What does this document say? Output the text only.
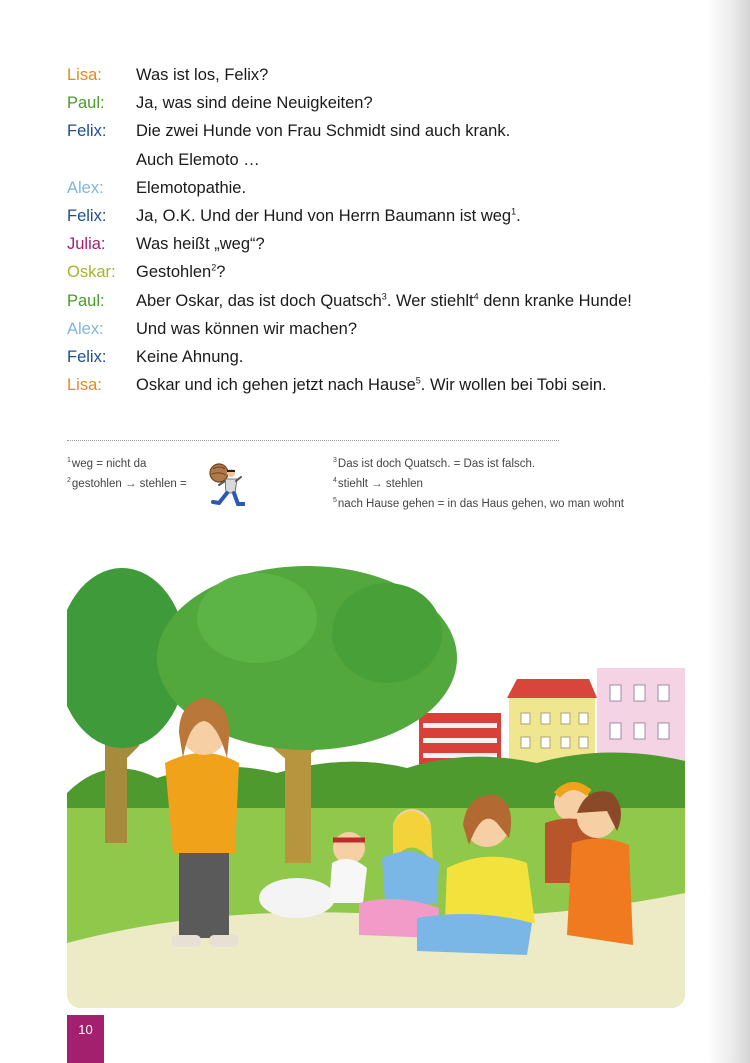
Lisa: Was ist los, Felix?
Paul: Ja, was sind deine Neuigkeiten?
Felix: Die zwei Hunde von Frau Schmidt sind auch krank.
Auch Elemoto …
Alex: Elemotopathie.
Felix: Ja, O.K. Und der Hund von Herrn Baumann ist weg$^1$.
Julia: Was heißt „weg“?
Oskar: Gestohlen$^2$?
Paul: Aber Oskar, das ist doch Quatsch$^3$. Wer stiehlt$^4$ denn kranke Hunde!
Alex: Und was können wir machen?
Felix: Keine Ahnung.
Lisa: Oskar und ich gehen jetzt nach Hause$^5$. Wir wollen bei Tobi sein.
$^1$weg = nicht da
$^2$gestohlen → stehlen =
$^3$Das ist doch Quatsch. = Das ist falsch.
$^4$stiehlt → stehlen
$^5$nach Hause gehen = in das Haus gehen, wo man wohnt
10
